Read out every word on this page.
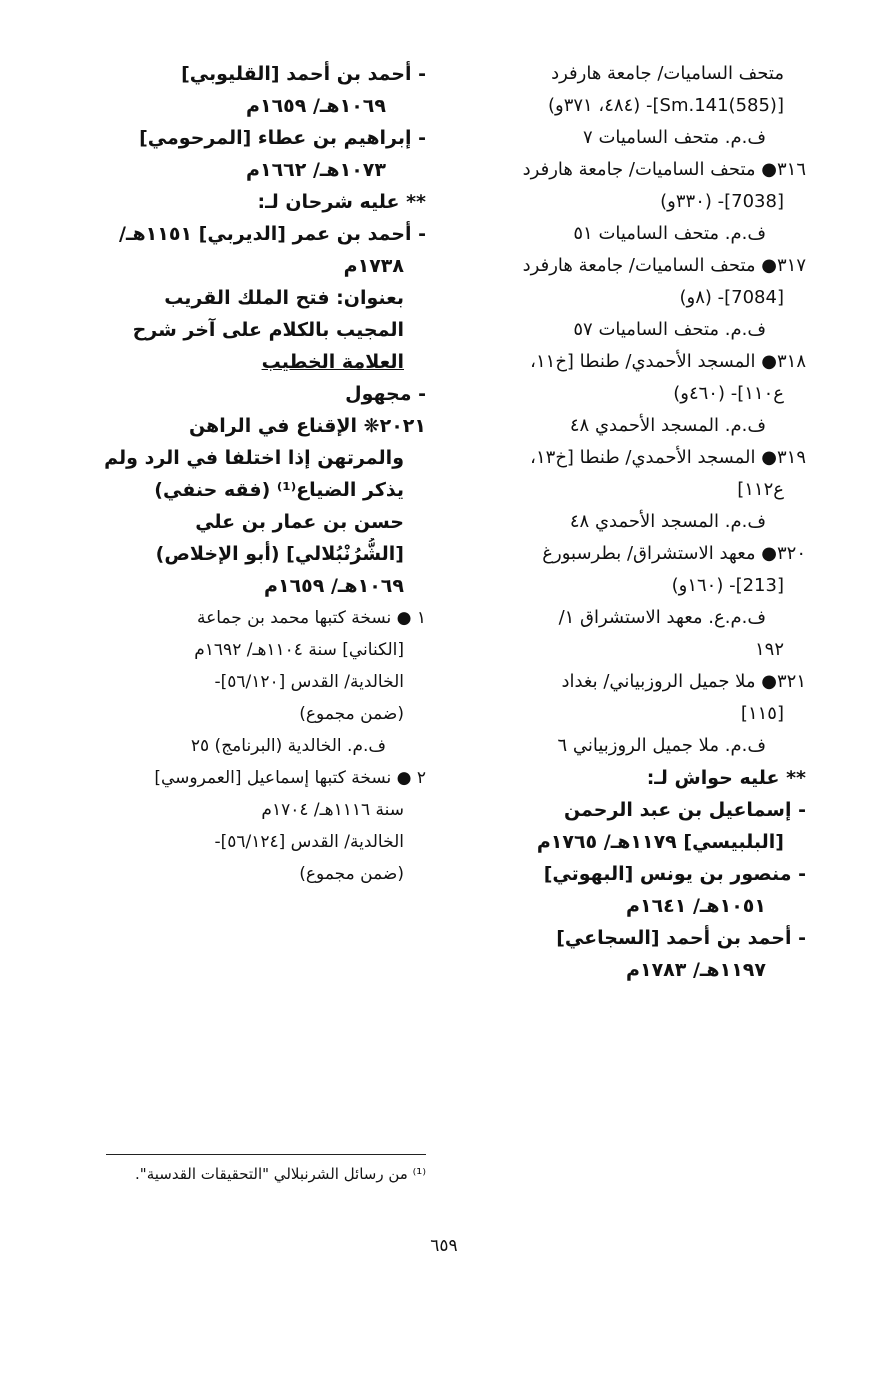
متحف الساميات/ جامعة هارفرد
[Sm.141(585)]- (٤٨٤، ٣٧١و)
ف.م. متحف الساميات ٧
٣١٦● متحف الساميات/ جامعة هارفرد
[7038]- (٣٣٠و)
ف.م. متحف الساميات ٥١
٣١٧● متحف الساميات/ جامعة هارفرد
[7084]- (٨و)
ف.م. متحف الساميات ٥٧
٣١٨● المسجد الأحمدي/ طنطا [خ١١،
ع١١٠]- (٤٦٠و)
ف.م. المسجد الأحمدي ٤٨
٣١٩● المسجد الأحمدي/ طنطا [خ١٣،
ع١١٢]
ف.م. المسجد الأحمدي ٤٨
٣٢٠● معهد الاستشراق/ بطرسبورغ
[213]- (١٦٠و)
ف.م.ع. معهد الاستشراق ١/
١٩٢
٣٢١● ملا جميل الروزبياني/ بغداد
[١١٥]
ف.م. ملا جميل الروزبياني ٦
** عليه حواش لـ:
- إسماعيل بن عبد الرحمن
[البلبيسي] ١١٧٩هـ/ ١٧٦٥م
- منصور بن يونس [البهوتي]
١٠٥١هـ/ ١٦٤١م
- أحمد بن أحمد [السجاعي]
١١٩٧هـ/ ١٧٨٣م
- أحمد بن أحمد [القليوبي]
١٠٦٩هـ/ ١٦٥٩م
- إبراهيم بن عطاء [المرحومي]
١٠٧٣هـ/ ١٦٦٢م
** عليه شرحان لـ:
- أحمد بن عمر [الديربي] ١١٥١هـ/
١٧٣٨م
بعنوان: فتح الملك القريب
المجيب بالكلام على آخر شرح
العلامة الخطيب
- مجهول
٢٠٢١❋ الإقناع في الراهن
والمرتهن إذا اختلفا في الرد ولم
يذكر الضياع⁽¹⁾ (فقه حنفي)
حسن بن عمار بن علي
[الشُّرُنْبُلالي] (أبو الإخلاص)
١٠٦٩هـ/ ١٦٥٩م
١ ● نسخة كتبها محمد بن جماعة
[الكناني] سنة ١١٠٤هـ/ ١٦٩٢م
الخالدية/ القدس [٥٦/١٢٠]-
(ضمن مجموع)
ف.م. الخالدية (البرنامج) ٢٥
٢ ● نسخة كتبها إسماعيل [العمروسي]
سنة ١١١٦هـ/ ١٧٠٤م
الخالدية/ القدس [٥٦/١٢٤]-
(ضمن مجموع)
⁽¹⁾ من رسائل الشرنبلالي "التحقيقات القدسية".
٦٥٩
